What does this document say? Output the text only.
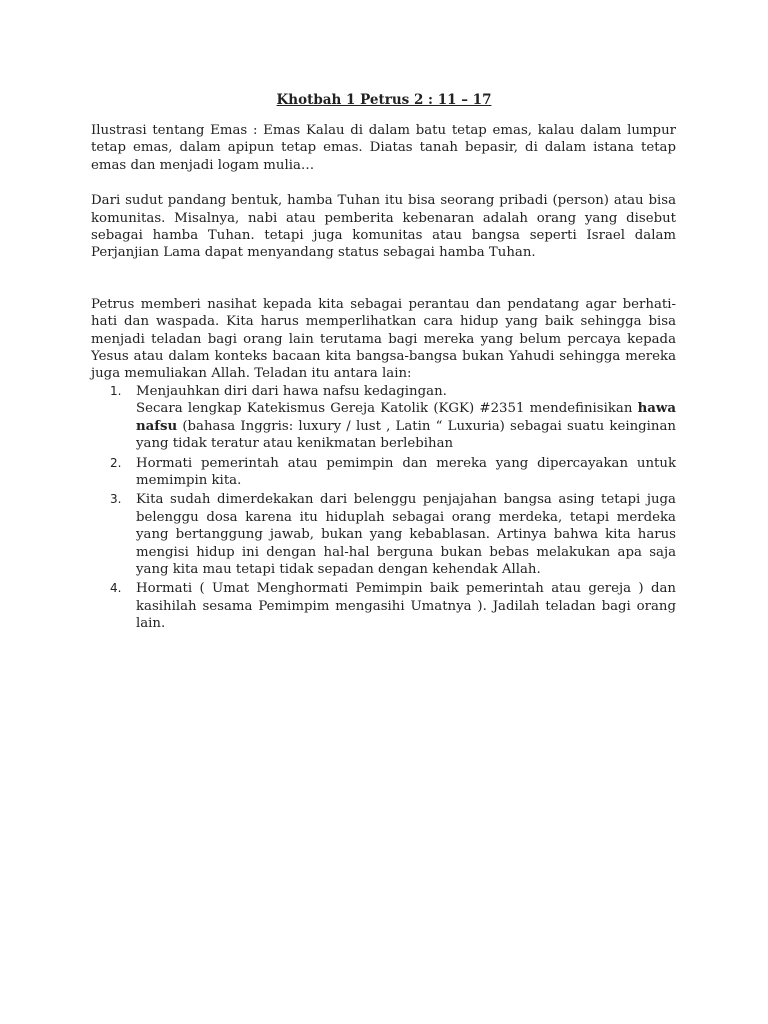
Khotbah 1 Petrus 2 : 11 – 17

Ilustrasi tentang Emas : Emas Kalau di dalam batu tetap emas, kalau dalam lumpur tetap emas, dalam apipun tetap emas. Diatas tanah bepasir, di dalam istana tetap emas dan menjadi logam mulia…

Dari sudut pandang bentuk, hamba Tuhan itu bisa seorang pribadi (person) atau bisa komunitas. Misalnya, nabi atau pemberita kebenaran adalah orang yang disebut sebagai hamba Tuhan. tetapi juga komunitas atau bangsa seperti Israel dalam Perjanjian Lama dapat menyandang status sebagai hamba Tuhan.

Petrus memberi nasihat kepada kita sebagai perantau dan pendatang agar berhati-hati dan waspada. Kita harus memperlihatkan cara hidup yang baik sehingga bisa menjadi teladan bagi orang lain terutama bagi mereka yang belum percaya kepada Yesus atau dalam konteks bacaan kita bangsa-bangsa bukan Yahudi sehingga mereka juga memuliakan Allah. Teladan itu antara lain:

1. Menjauhkan diri dari hawa nafsu kedagingan.
Secara lengkap Katekismus Gereja Katolik (KGK) #2351 mendefinisikan hawa nafsu (bahasa Inggris: luxury / lust , Latin “ Luxuria) sebagai suatu keinginan yang tidak teratur atau kenikmatan berlebihan
2. Hormati pemerintah atau pemimpin dan mereka yang dipercayakan untuk memimpin kita.
3. Kita sudah dimerdekakan dari belenggu penjajahan bangsa asing tetapi juga belenggu dosa karena itu hiduplah sebagai orang merdeka, tetapi merdeka yang bertanggung jawab, bukan yang kebablasan. Artinya bahwa kita harus mengisi hidup ini dengan hal-hal berguna bukan bebas melakukan apa saja yang kita mau tetapi tidak sepadan dengan kehendak Allah.
4. Hormati ( Umat Menghormati Pemimpin baik pemerintah atau gereja ) dan kasihilah sesama Pemimpim mengasihi Umatnya ). Jadilah teladan bagi orang lain.
